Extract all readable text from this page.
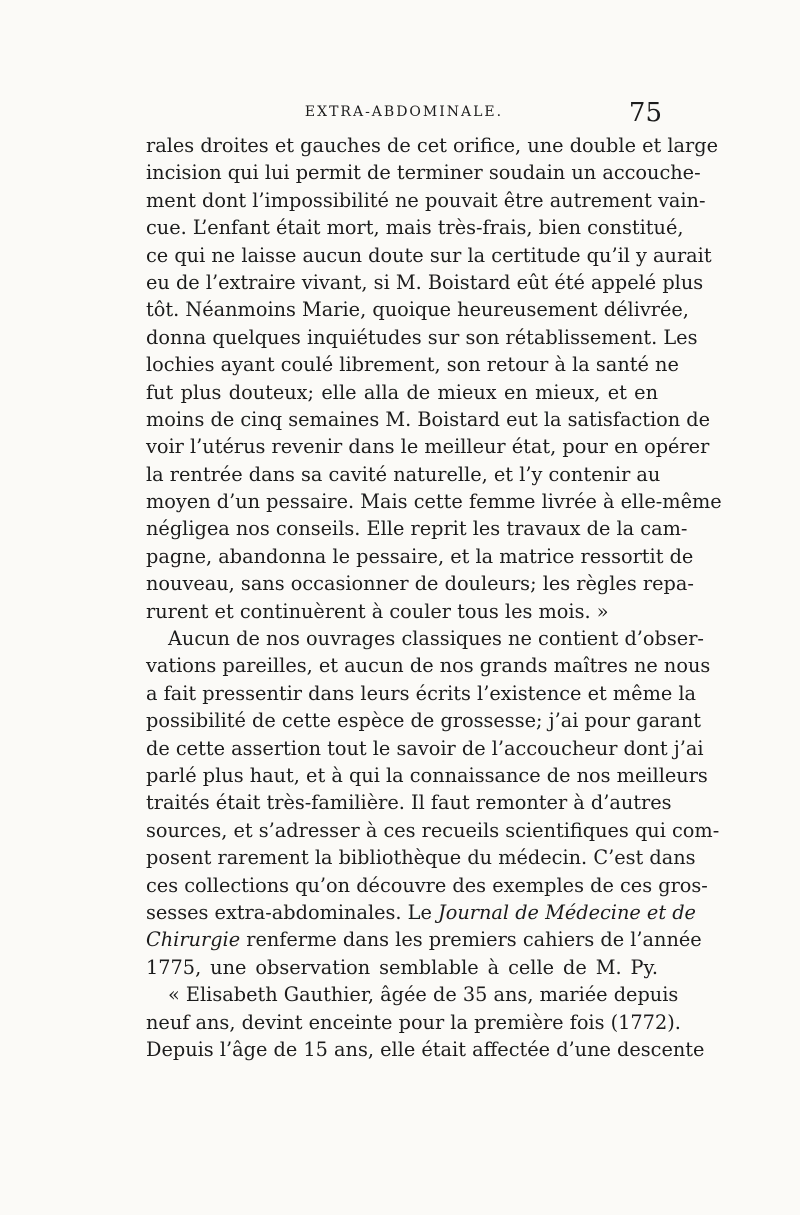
EXTRA-ABDOMINALE.	75
rales droites et gauches de cet orifice, une double et large
incision qui lui permit de terminer soudain un accouche-
ment dont l’impossibilité ne pouvait être autrement vain-
cue. L’enfant était mort, mais très-frais, bien constitué,
ce qui ne laisse aucun doute sur la certitude qu’il y aurait
eu de l’extraire vivant, si M. Boistard eût été appelé plus
tôt. Néanmoins Marie, quoique heureusement délivrée,
donna quelques inquiétudes sur son rétablissement. Les
lochies ayant coulé librement, son retour à la santé ne
fut plus douteux; elle alla de mieux en mieux, et en
moins de cinq semaines M. Boistard eut la satisfaction de
voir l’utérus revenir dans le meilleur état, pour en opérer
la rentrée dans sa cavité naturelle, et l’y contenir au
moyen d’un pessaire. Mais cette femme livrée à elle-même
négligea nos conseils. Elle reprit les travaux de la cam-
pagne, abandonna le pessaire, et la matrice ressortit de
nouveau, sans occasionner de douleurs; les règles repa-
rurent et continuèrent à couler tous les mois. »
Aucun de nos ouvrages classiques ne contient d’obser-
vations pareilles, et aucun de nos grands maîtres ne nous
a fait pressentir dans leurs écrits l’existence et même la
possibilité de cette espèce de grossesse; j’ai pour garant
de cette assertion tout le savoir de l’accoucheur dont j’ai
parlé plus haut, et à qui la connaissance de nos meilleurs
traités était très-familière. Il faut remonter à d’autres
sources, et s’adresser à ces recueils scientifiques qui com-
posent rarement la bibliothèque du médecin. C’est dans
ces collections qu’on découvre des exemples de ces gros-
sesses extra-abdominales. Le Journal de Médecine et de
Chirurgie renferme dans les premiers cahiers de l’année
1775, une observation semblable à celle de M. Py.
« Elisabeth Gauthier, âgée de 35 ans, mariée depuis
neuf ans, devint enceinte pour la première fois (1772).
Depuis l’âge de 15 ans, elle était affectée d’une descente
